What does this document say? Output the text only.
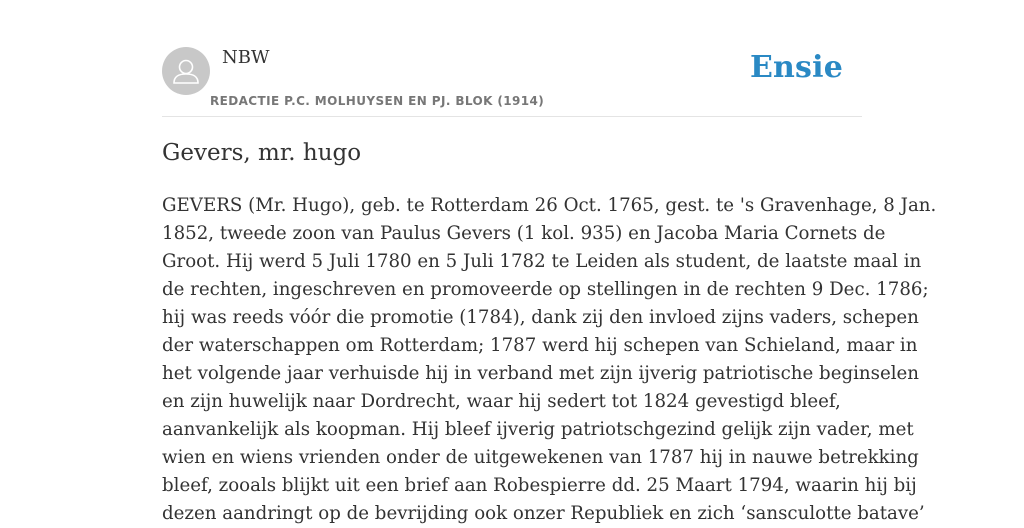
NBW
REDACTIE P.C. MOLHUYSEN EN PJ. BLOK (1914)
Ensie
Gevers, mr. hugo
GEVERS (Mr. Hugo), geb. te Rotterdam 26 Oct. 1765, gest. te 's Gravenhage, 8 Jan.
1852, tweede zoon van Paulus Gevers (1 kol. 935) en Jacoba Maria Cornets de
Groot. Hij werd 5 Juli 1780 en 5 Juli 1782 te Leiden als student, de laatste maal in
de rechten, ingeschreven en promoveerde op stellingen in de rechten 9 Dec. 1786;
hij was reeds vóór die promotie (1784), dank zij den invloed zijns vaders, schepen
der waterschappen om Rotterdam; 1787 werd hij schepen van Schieland, maar in
het volgende jaar verhuisde hij in verband met zijn ijverig patriotische beginselen
en zijn huwelijk naar Dordrecht, waar hij sedert tot 1824 gevestigd bleef,
aanvankelijk als koopman. Hij bleef ijverig patriotschgezind gelijk zijn vader, met
wien en wiens vrienden onder de uitgewekenen van 1787 hij in nauwe betrekking
bleef, zooals blijkt uit een brief aan Robespierre dd. 25 Maart 1794, waarin hij bij
dezen aandringt op de bevrijding ook onzer Republiek en zich ‘sansculotte batave’
